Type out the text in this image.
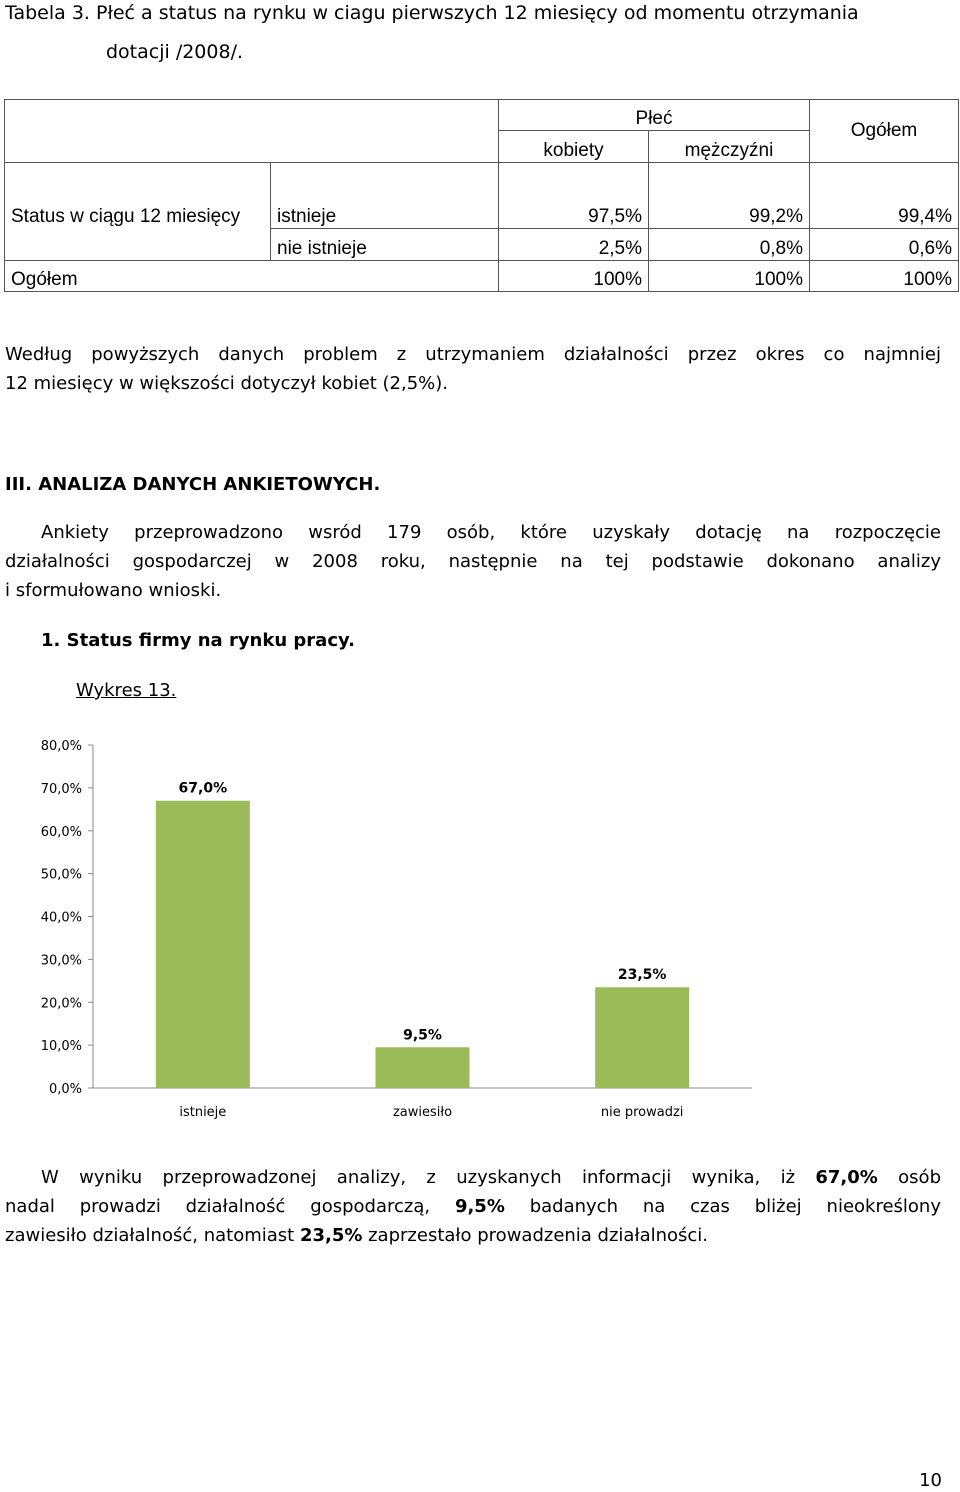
Tabela 3. Płeć a status na rynku w ciagu pierwszych 12 miesięcy od momentu otrzymania
dotacji /2008/.
		Płeć		Ogółem
		kobiety	mężczyźni	
Status w ciągu 12 miesięcy	istnieje	97,5%	99,2%	99,4%
	nie istnieje	2,5%	0,8%	0,6%
Ogółem		100%	100%	100%
Według powyższych danych problem z utrzymaniem działalności przez okres co najmniej
12 miesięcy w większości dotyczył kobiet (2,5%).
III. ANALIZA DANYCH ANKIETOWYCH.
Ankiety przeprowadzono wsród 179 osób, które uzyskały dotację na rozpoczęcie
działalności gospodarczej w 2008 roku, następnie na tej podstawie dokonano analizy
i sformułowano wnioski.
1. Status firmy na rynku pracy.
Wykres 13.
0,0%
10,0%
20,0%
30,0%
40,0%
50,0%
60,0%
70,0%
80,0%
67,0%
istnieje
9,5%
zawiesiło
23,5%
nie prowadzi
W wyniku przeprowadzonej analizy, z uzyskanych informacji wynika, iż 67,0% osób
nadal prowadzi działalność gospodarczą, 9,5% badanych na czas bliżej nieokreślony
zawiesiło działalność, natomiast 23,5% zaprzestało prowadzenia działalności.
10
